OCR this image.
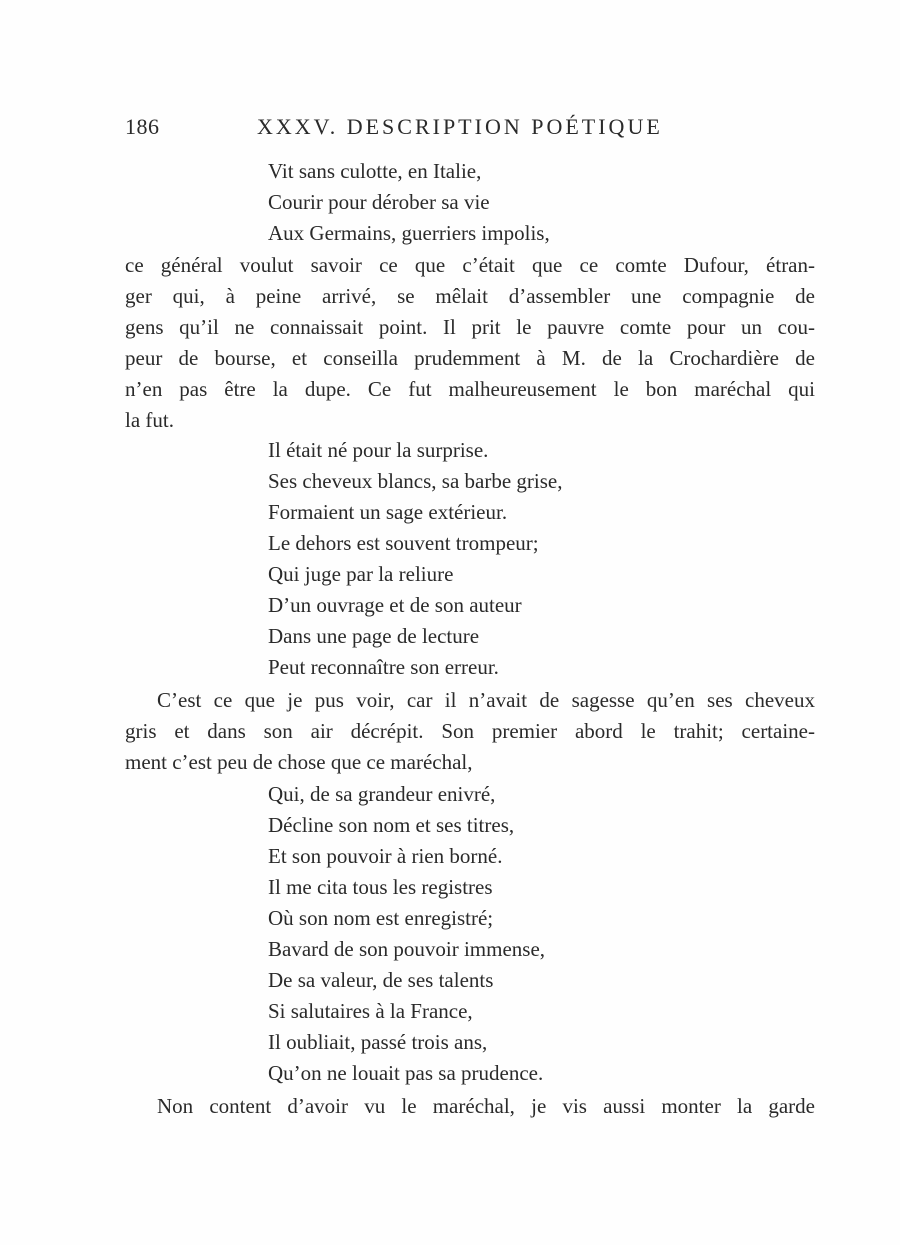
186	XXXV. DESCRIPTION POÉTIQUE
Vit sans culotte, en Italie,
Courir pour dérober sa vie
Aux Germains, guerriers impolis,
ce général voulut savoir ce que c’était que ce comte Dufour, étran-
ger qui, à peine arrivé, se mêlait d’assembler une compagnie de
gens qu’il ne connaissait point. Il prit le pauvre comte pour un cou-
peur de bourse, et conseilla prudemment à M. de la Crochardière de
n’en pas être la dupe. Ce fut malheureusement le bon maréchal qui
la fut.
Il était né pour la surprise.
Ses cheveux blancs, sa barbe grise,
Formaient un sage extérieur.
Le dehors est souvent trompeur;
Qui juge par la reliure
D’un ouvrage et de son auteur
Dans une page de lecture
Peut reconnaître son erreur.
C’est ce que je pus voir, car il n’avait de sagesse qu’en ses cheveux
gris et dans son air décrépit. Son premier abord le trahit; certaine-
ment c’est peu de chose que ce maréchal,
Qui, de sa grandeur enivré,
Décline son nom et ses titres,
Et son pouvoir à rien borné.
Il me cita tous les registres
Où son nom est enregistré;
Bavard de son pouvoir immense,
De sa valeur, de ses talents
Si salutaires à la France,
Il oubliait, passé trois ans,
Qu’on ne louait pas sa prudence.
Non content d’avoir vu le maréchal, je vis aussi monter la garde
